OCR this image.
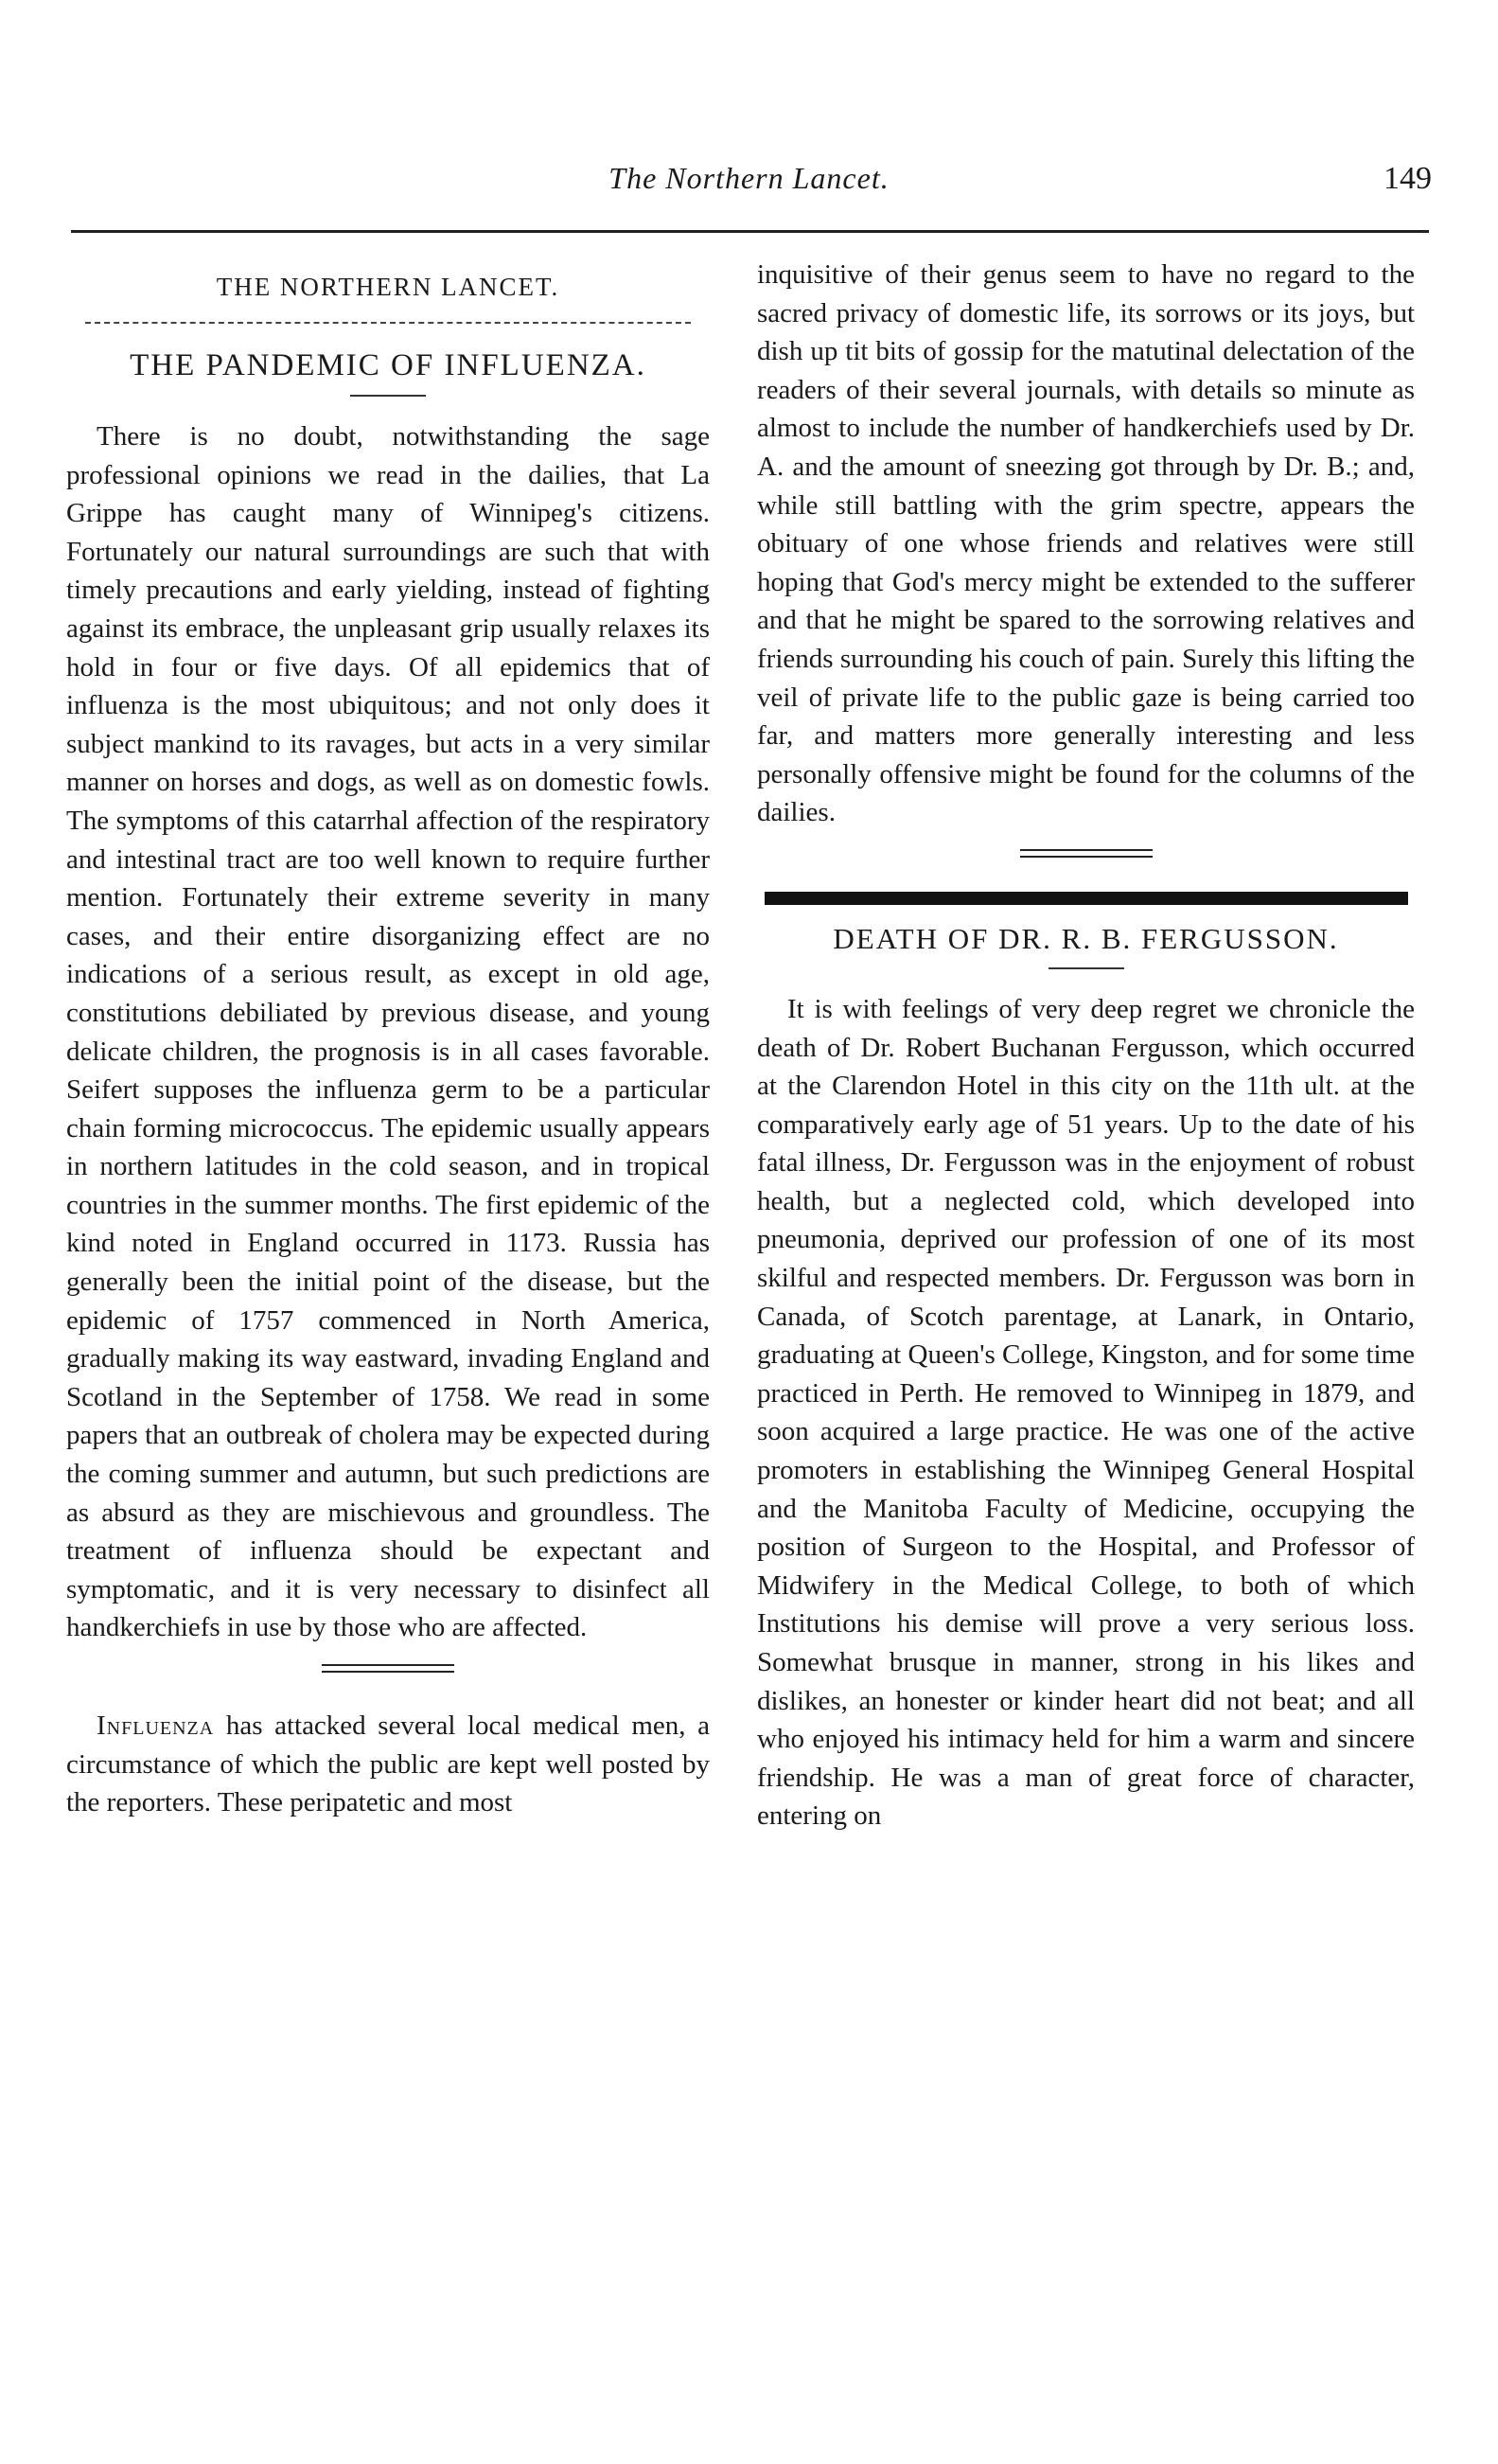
The Northern Lancet.	149
THE NORTHERN LANCET.
THE PANDEMIC OF INFLUENZA.

There is no doubt, notwithstanding the sage professional opinions we read in the dailies, that La Grippe has caught many of Winnipeg's citizens. Fortunately our natural surroundings are such that with timely precautions and early yielding, instead of fighting against its embrace, the unpleasant grip usually relaxes its hold in four or five days. Of all epidemics that of influenza is the most ubiquitous; and not only does it subject mankind to its ravages, but acts in a very similar manner on horses and dogs, as well as on domestic fowls. The symptoms of this catarrhal affection of the respiratory and intestinal tract are too well known to require further mention. Fortunately their extreme severity in many cases, and their entire disorganizing effect are no indications of a serious result, as except in old age, constitutions debiliated by previous disease, and young delicate children, the prognosis is in all cases favorable. Seifert supposes the influenza germ to be a particular chain forming micrococcus. The epidemic usually appears in northern latitudes in the cold season, and in tropical countries in the summer months. The first epidemic of the kind noted in England occurred in 1173. Russia has generally been the initial point of the disease, but the epidemic of 1757 commenced in North America, gradually making its way eastward, invading England and Scotland in the September of 1758. We read in some papers that an outbreak of cholera may be expected during the coming summer and autumn, but such predictions are as absurd as they are mischievous and groundless. The treatment of influenza should be expectant and symptomatic, and it is very necessary to disinfect all handkerchiefs in use by those who are affected.

Influenza has attacked several local medical men, a circumstance of which the public are kept well posted by the reporters. These peripatetic and most

inquisitive of their genus seem to have no regard to the sacred privacy of domestic life, its sorrows or its joys, but dish up tit bits of gossip for the matutinal delectation of the readers of their several journals, with details so minute as almost to include the number of handkerchiefs used by Dr. A. and the amount of sneezing got through by Dr. B.; and, while still battling with the grim spectre, appears the obituary of one whose friends and relatives were still hoping that God's mercy might be extended to the sufferer and that he might be spared to the sorrowing relatives and friends surrounding his couch of pain. Surely this lifting the veil of private life to the public gaze is being carried too far, and matters more generally interesting and less personally offensive might be found for the columns of the dailies.

DEATH OF DR. R. B. FERGUSSON.

It is with feelings of very deep regret we chronicle the death of Dr. Robert Buchanan Fergusson, which occurred at the Clarendon Hotel in this city on the 11th ult. at the comparatively early age of 51 years. Up to the date of his fatal illness, Dr. Fergusson was in the enjoyment of robust health, but a neglected cold, which developed into pneumonia, deprived our profession of one of its most skilful and respected members. Dr. Fergusson was born in Canada, of Scotch parentage, at Lanark, in Ontario, graduating at Queen's College, Kingston, and for some time practiced in Perth. He removed to Winnipeg in 1879, and soon acquired a large practice. He was one of the active promoters in establishing the Winnipeg General Hospital and the Manitoba Faculty of Medicine, occupying the position of Surgeon to the Hospital, and Professor of Midwifery in the Medical College, to both of which Institutions his demise will prove a very serious loss. Somewhat brusque in manner, strong in his likes and dislikes, an honester or kinder heart did not beat; and all who enjoyed his intimacy held for him a warm and sincere friendship. He was a man of great force of character, entering on
